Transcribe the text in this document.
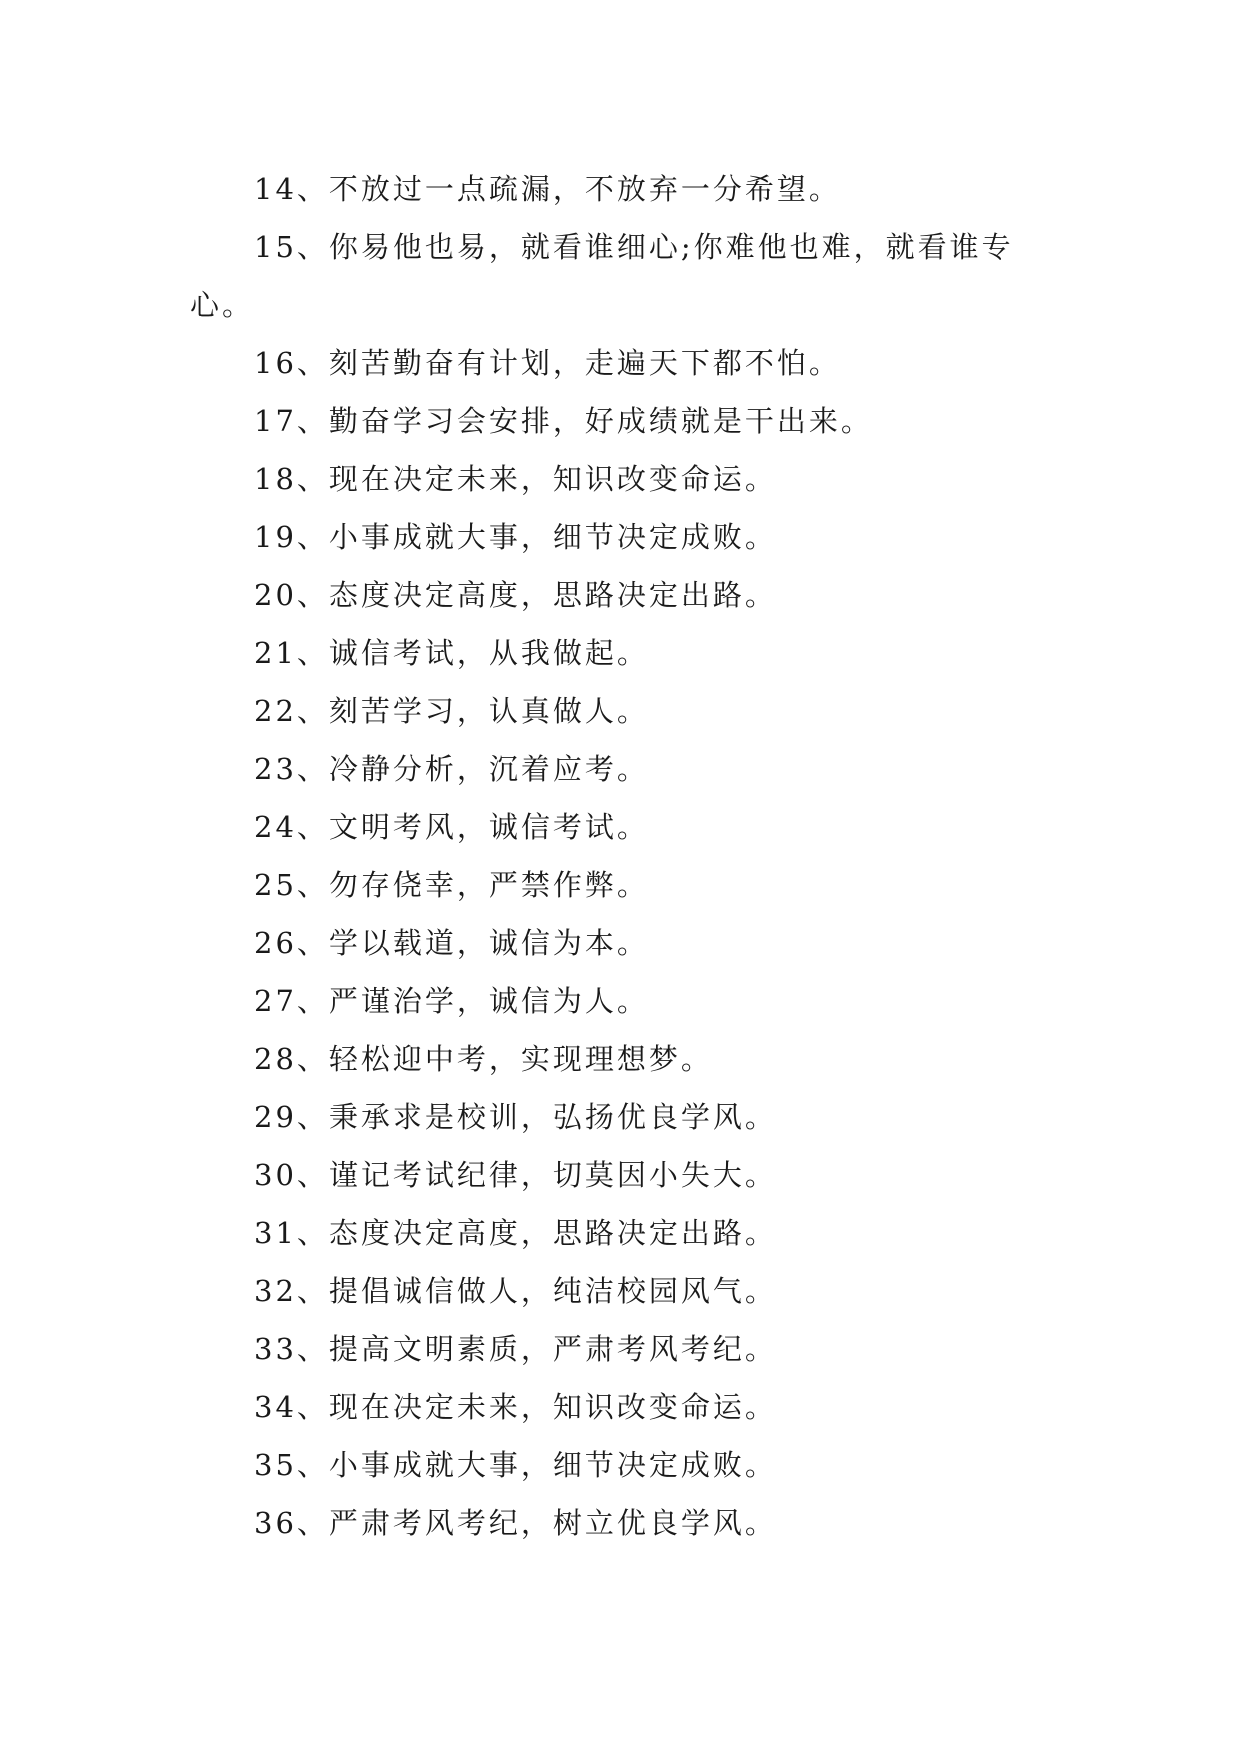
14、不放过一点疏漏，不放弃一分希望。

15、你易他也易，就看谁细心;你难他也难，就看谁专心。

16、刻苦勤奋有计划，走遍天下都不怕。

17、勤奋学习会安排，好成绩就是干出来。

18、现在决定未来，知识改变命运。

19、小事成就大事，细节决定成败。

20、态度决定高度，思路决定出路。

21、诚信考试，从我做起。

22、刻苦学习，认真做人。

23、冷静分析，沉着应考。

24、文明考风，诚信考试。

25、勿存侥幸，严禁作弊。

26、学以载道，诚信为本。

27、严谨治学，诚信为人。

28、轻松迎中考，实现理想梦。

29、秉承求是校训，弘扬优良学风。

30、谨记考试纪律，切莫因小失大。

31、态度决定高度，思路决定出路。

32、提倡诚信做人，纯洁校园风气。

33、提高文明素质，严肃考风考纪。

34、现在决定未来，知识改变命运。

35、小事成就大事，细节决定成败。

36、严肃考风考纪，树立优良学风。
